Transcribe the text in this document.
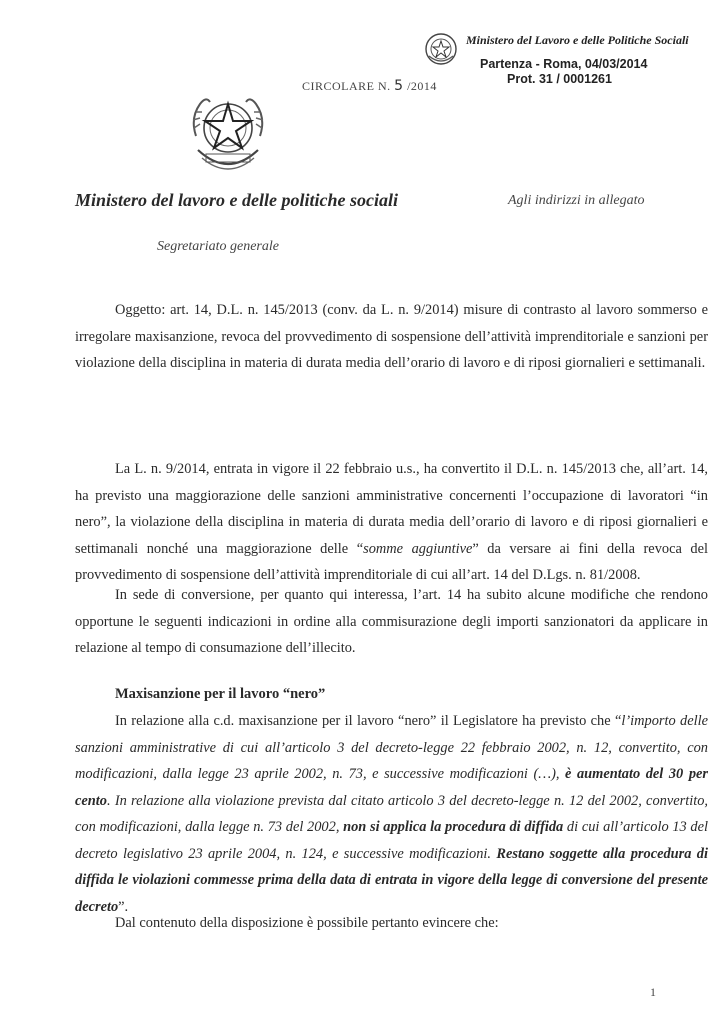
Ministero del Lavoro e delle Politiche Sociali
Partenza - Roma, 04/03/2014
Prot. 31 / 0001261
CIRCOLARE N. 5 /2014
Ministero del lavoro e delle politiche sociali	Agli indirizzi in allegato
Segretariato generale

Oggetto: art. 14, D.L. n. 145/2013 (conv. da L. n. 9/2014) misure di contrasto al lavoro sommerso e irregolare maxisanzione, revoca del provvedimento di sospensione dell’attività imprenditoriale e sanzioni per violazione della disciplina in materia di durata media dell’orario di lavoro e di riposi giornalieri e settimanali.

La L. n. 9/2014, entrata in vigore il 22 febbraio u.s., ha convertito il D.L. n. 145/2013 che, all’art. 14, ha previsto una maggiorazione delle sanzioni amministrative concernenti l’occupazione di lavoratori “in nero”, la violazione della disciplina in materia di durata media dell’orario di lavoro e di riposi giornalieri e settimanali nonché una maggiorazione delle “somme aggiuntive” da versare ai fini della revoca del provvedimento di sospensione dell’attività imprenditoriale di cui all’art. 14 del D.Lgs. n. 81/2008.

In sede di conversione, per quanto qui interessa, l’art. 14 ha subito alcune modifiche che rendono opportune le seguenti indicazioni in ordine alla commisurazione degli importi sanzionatori da applicare in relazione al tempo di consumazione dell’illecito.

Maxisanzione per il lavoro “nero”

In relazione alla c.d. maxisanzione per il lavoro “nero” il Legislatore ha previsto che “l’importo delle sanzioni amministrative di cui all’articolo 3 del decreto-legge 22 febbraio 2002, n. 12, convertito, con modificazioni, dalla legge 23 aprile 2002, n. 73, e successive modificazioni (…), è aumentato del 30 per cento. In relazione alla violazione prevista dal citato articolo 3 del decreto-legge n. 12 del 2002, convertito, con modificazioni, dalla legge n. 73 del 2002, non si applica la procedura di diffida di cui all’articolo 13 del decreto legislativo 23 aprile 2004, n. 124, e successive modificazioni. Restano soggette alla procedura di diffida le violazioni commesse prima della data di entrata in vigore della legge di conversione del presente decreto”.

Dal contenuto della disposizione è possibile pertanto evincere che:

1
